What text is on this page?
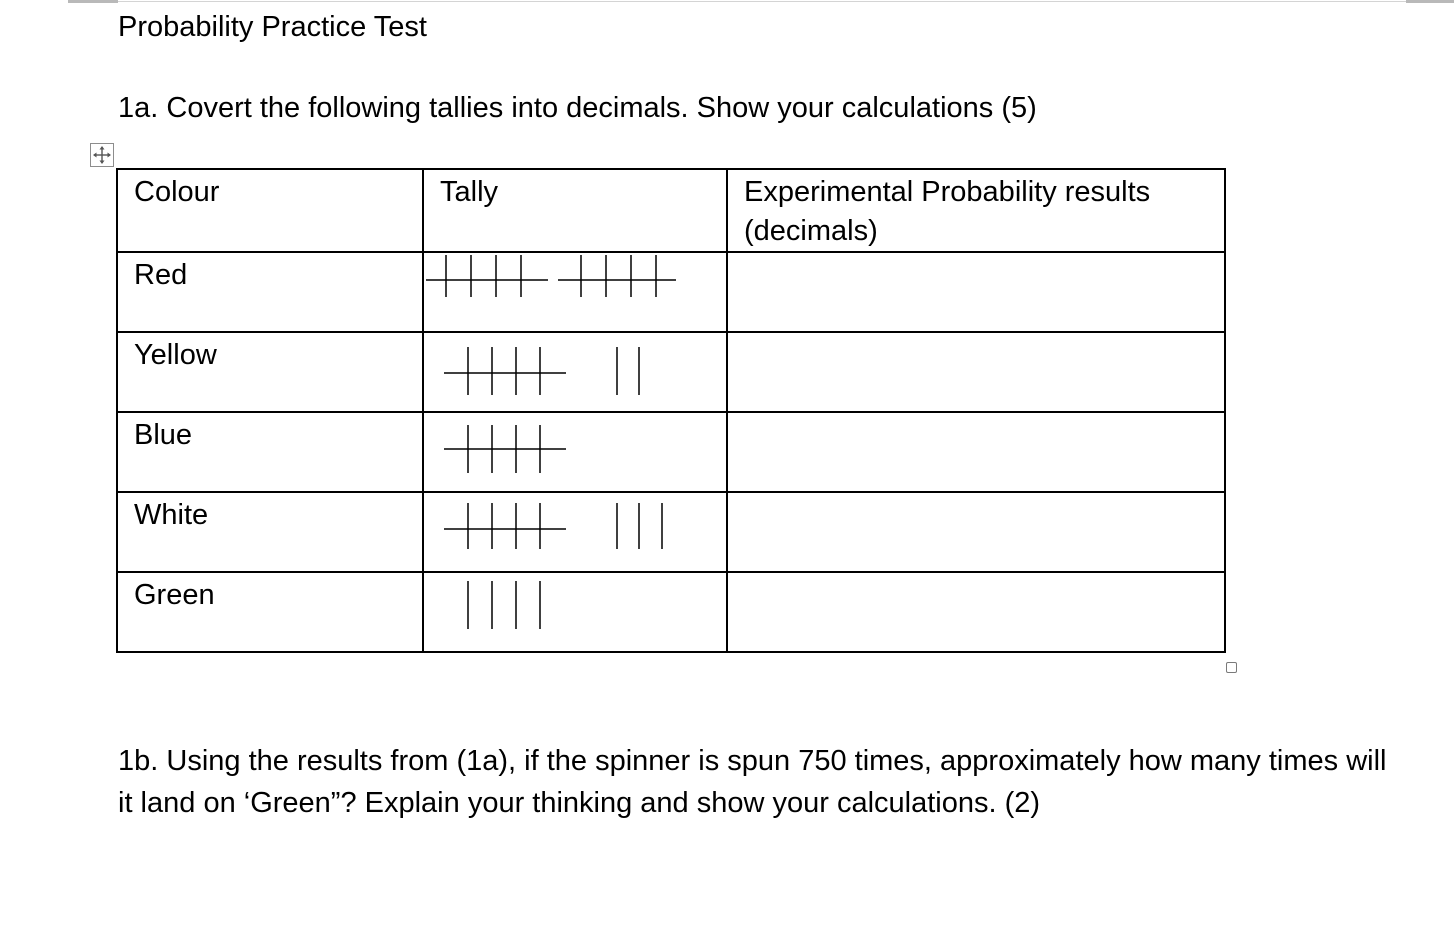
Probability Practice Test
1a. Covert the following tallies into decimals. Show your calculations (5)
Colour	Tally	Experimental Probability results (decimals)

Red

Yellow

Blue

White

Green

1b. Using the results from (1a), if the spinner is spun 750 times, approximately how many times will it land on ‘Green”? Explain your thinking and show your calculations. (2)
